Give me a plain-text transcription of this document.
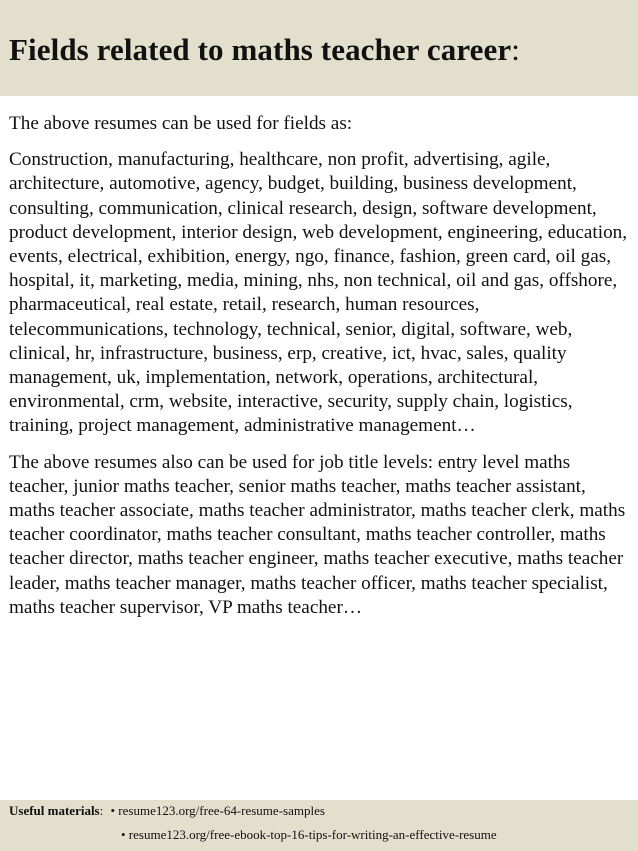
Fields related to maths teacher career:

The above resumes can be used for fields as:

Construction, manufacturing, healthcare, non profit, advertising, agile, architecture, automotive, agency, budget, building, business development, consulting, communication, clinical research, design, software development, product development, interior design, web development, engineering, education, events, electrical, exhibition, energy, ngo, finance, fashion, green card, oil gas, hospital, it, marketing, media, mining, nhs, non technical, oil and gas, offshore, pharmaceutical, real estate, retail, research, human resources, telecommunications, technology, technical, senior, digital, software, web, clinical, hr, infrastructure, business, erp, creative, ict, hvac, sales, quality management, uk, implementation, network, operations, architectural, environmental, crm, website, interactive, security, supply chain, logistics, training, project management, administrative management…

The above resumes also can be used for job title levels: entry level maths teacher, junior maths teacher, senior maths teacher, maths teacher assistant, maths teacher associate, maths teacher administrator, maths teacher clerk, maths teacher coordinator, maths teacher consultant, maths teacher controller, maths teacher director, maths teacher engineer, maths teacher executive, maths teacher leader, maths teacher manager, maths teacher officer, maths teacher specialist, maths teacher supervisor, VP maths teacher…

Useful materials: • resume123.org/free-64-resume-samples
• resume123.org/free-ebook-top-16-tips-for-writing-an-effective-resume
